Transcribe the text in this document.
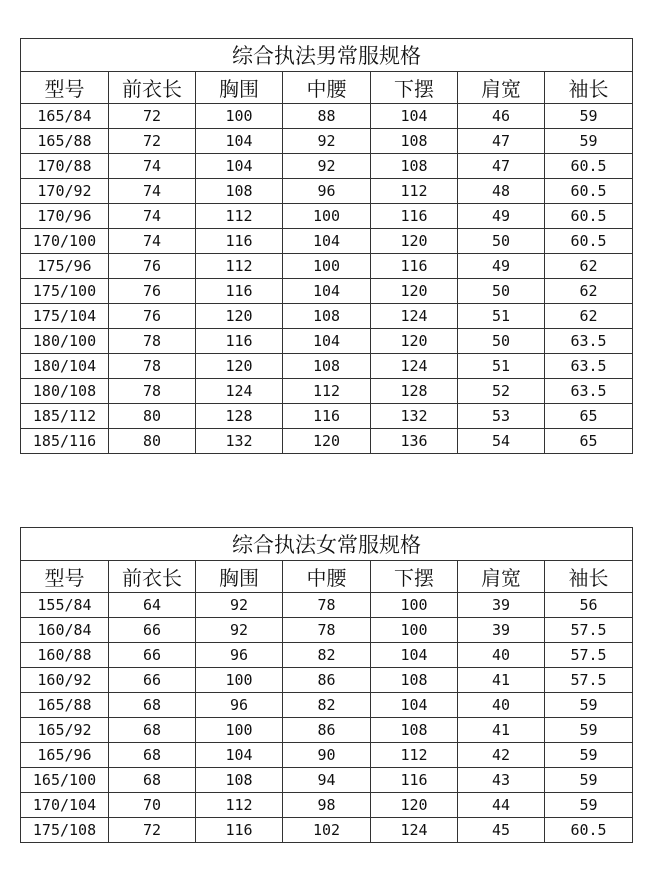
综合执法男常服规格						
型号	前衣长	胸围	中腰	下摆	肩宽	袖长
165/84	72	100	88	104	46	59
165/88	72	104	92	108	47	59
170/88	74	104	92	108	47	60.5
170/92	74	108	96	112	48	60.5
170/96	74	112	100	116	49	60.5
170/100	74	116	104	120	50	60.5
175/96	76	112	100	116	49	62
175/100	76	116	104	120	50	62
175/104	76	120	108	124	51	62
180/100	78	116	104	120	50	63.5
180/104	78	120	108	124	51	63.5
180/108	78	124	112	128	52	63.5
185/112	80	128	116	132	53	65
185/116	80	132	120	136	54	65
综合执法女常服规格						
型号	前衣长	胸围	中腰	下摆	肩宽	袖长
155/84	64	92	78	100	39	56
160/84	66	92	78	100	39	57.5
160/88	66	96	82	104	40	57.5
160/92	66	100	86	108	41	57.5
165/88	68	96	82	104	40	59
165/92	68	100	86	108	41	59
165/96	68	104	90	112	42	59
165/100	68	108	94	116	43	59
170/104	70	112	98	120	44	59
175/108	72	116	102	124	45	60.5
